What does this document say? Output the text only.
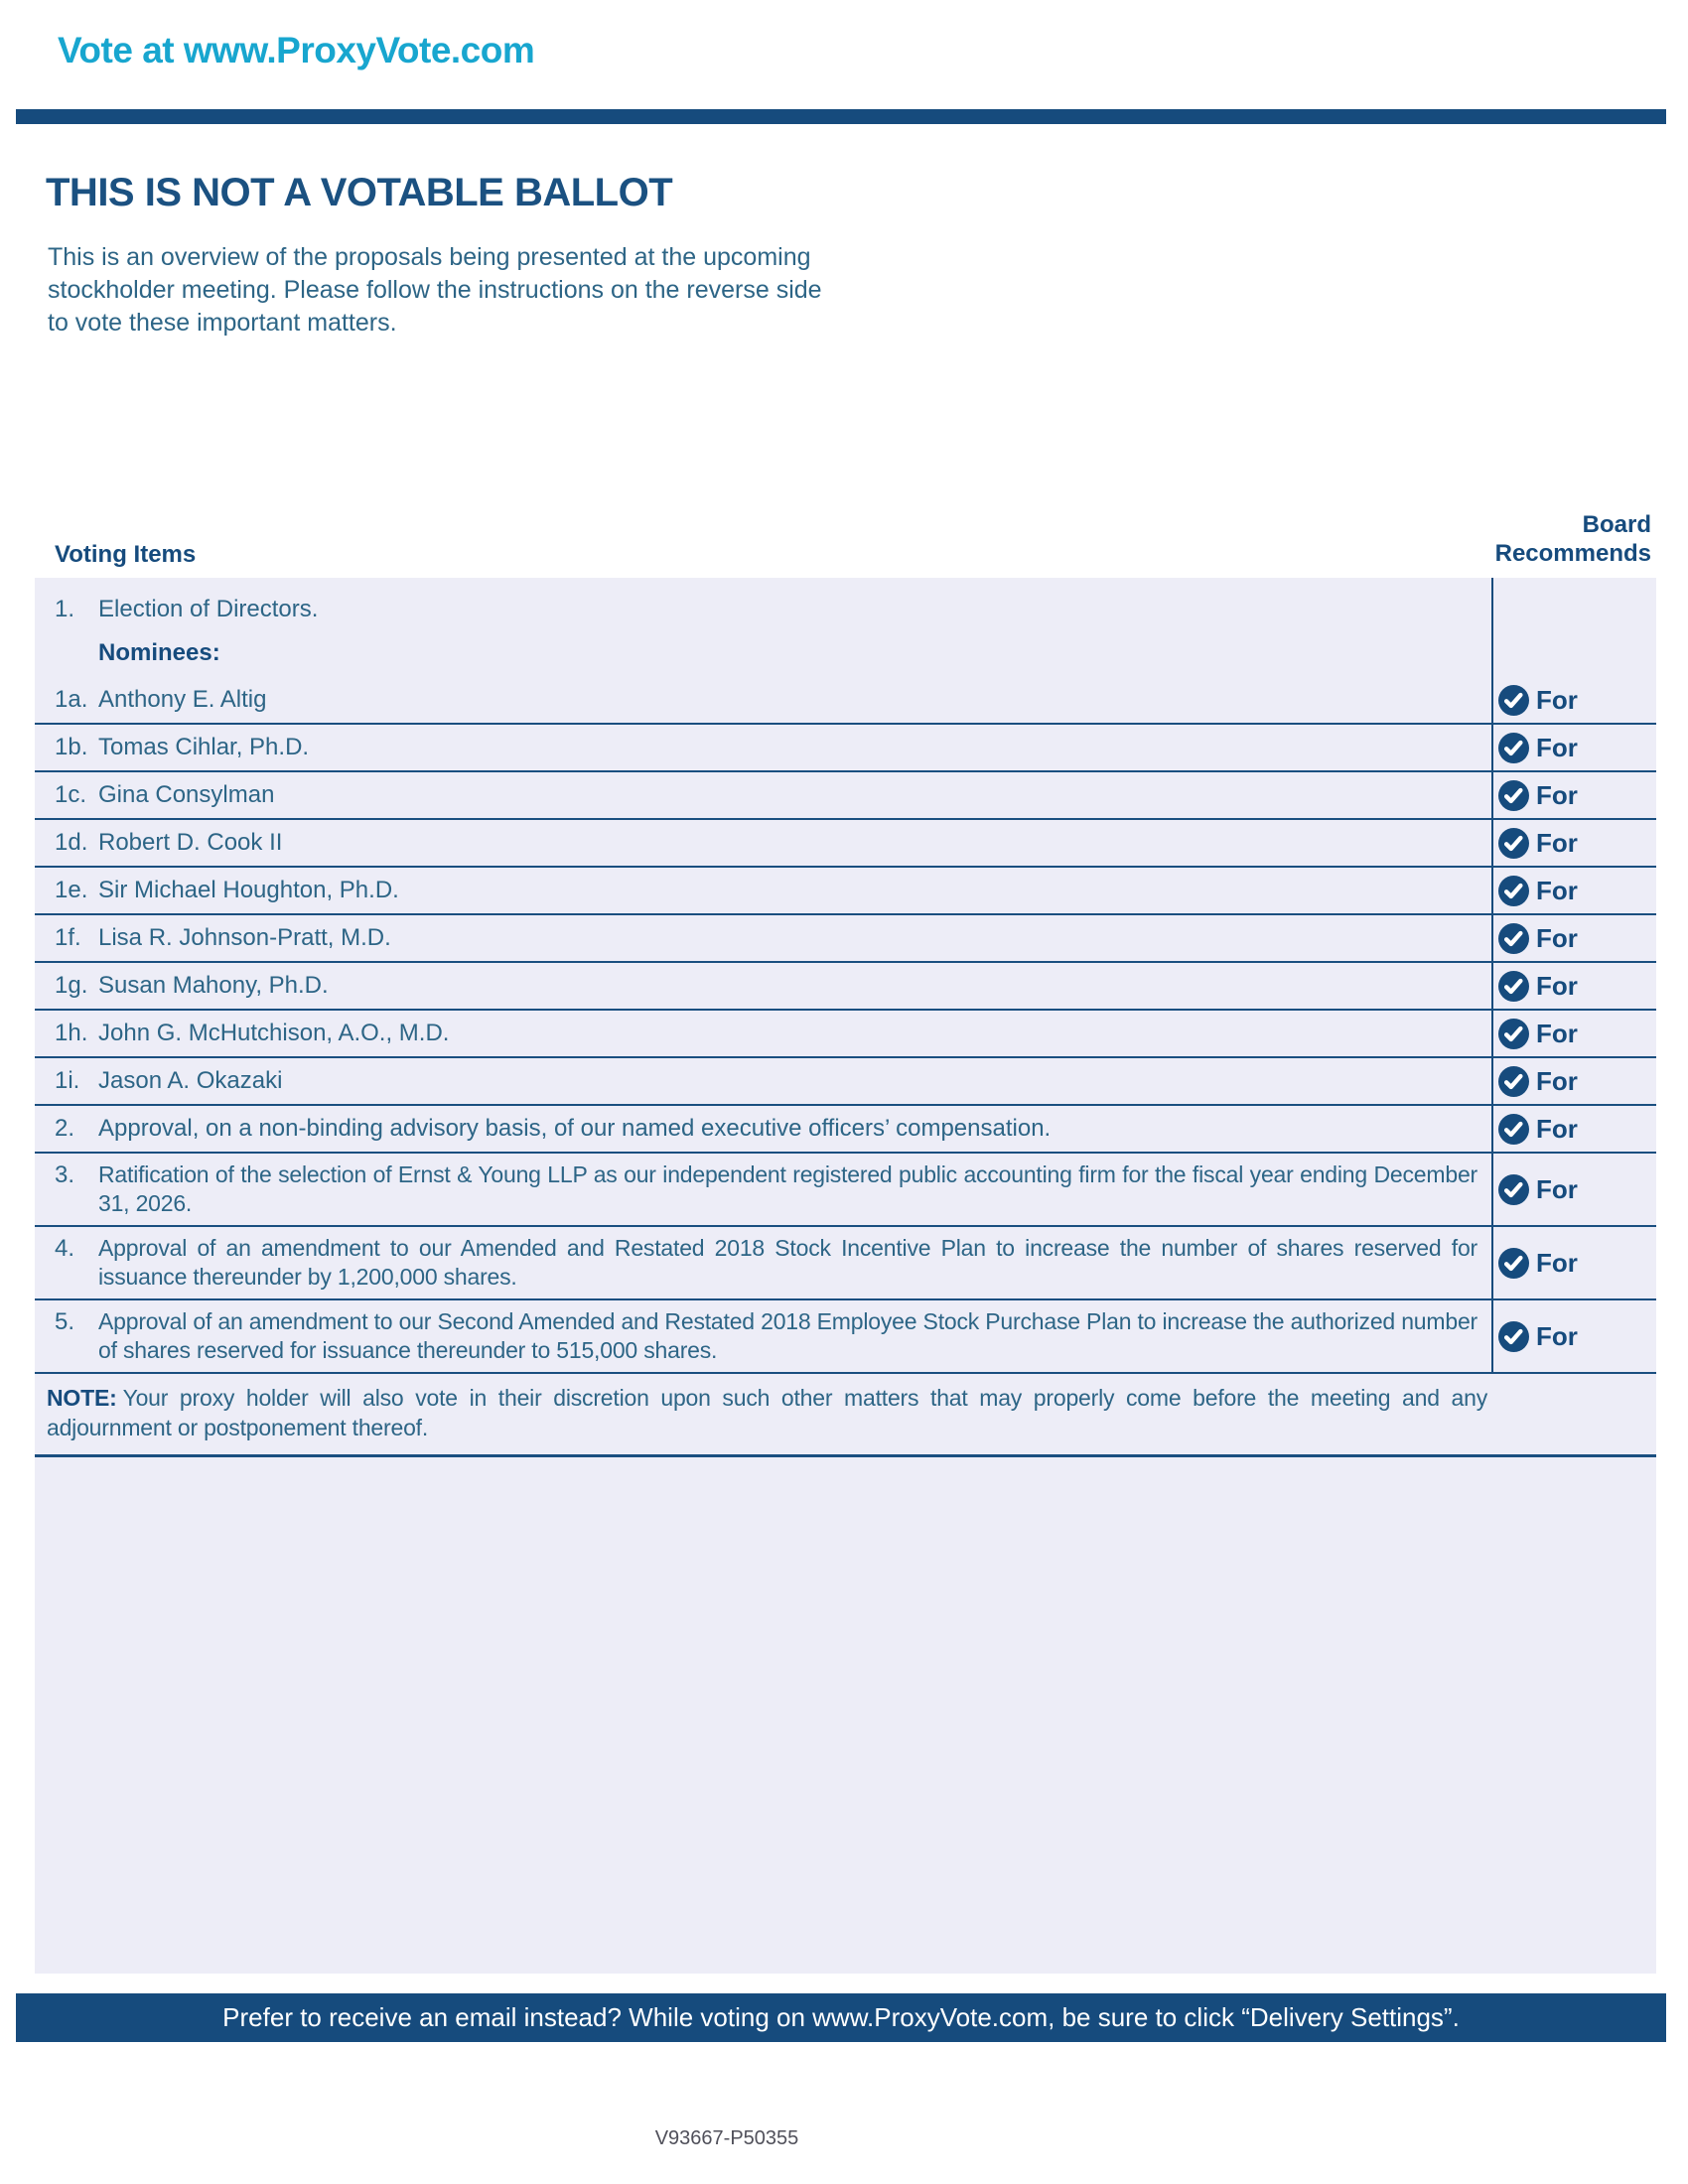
Vote at www.ProxyVote.com
THIS IS NOT A VOTABLE BALLOT
This is an overview of the proposals being presented at the upcoming stockholder meeting. Please follow the instructions on the reverse side to vote these important matters.
Voting Items
Board
Recommends
1. Election of Directors.
Nominees:
1a. Anthony E. Altig	For
1b. Tomas Cihlar, Ph.D.	For
1c. Gina Consylman	For
1d. Robert D. Cook II	For
1e. Sir Michael Houghton, Ph.D.	For
1f. Lisa R. Johnson-Pratt, M.D.	For
1g. Susan Mahony, Ph.D.	For
1h. John G. McHutchison, A.O., M.D.	For
1i. Jason A. Okazaki	For
2. Approval, on a non-binding advisory basis, of our named executive officers’ compensation.	For
3.	Ratification of the selection of Ernst & Young LLP as our independent registered public accounting firm for the fiscal year ending December 31, 2026.	For
4.	Approval of an amendment to our Amended and Restated 2018 Stock Incentive Plan to increase the number of shares reserved for issuance thereunder by 1,200,000 shares.	For
5.	Approval of an amendment to our Second Amended and Restated 2018 Employee Stock Purchase Plan to increase the authorized number of shares reserved for issuance thereunder to 515,000 shares.	For
NOTE: Your proxy holder will also vote in their discretion upon such other matters that may properly come before the meeting and any adjournment or postponement thereof.
Prefer to receive an email instead? While voting on www.ProxyVote.com, be sure to click “Delivery Settings”.
V93667-P50355
